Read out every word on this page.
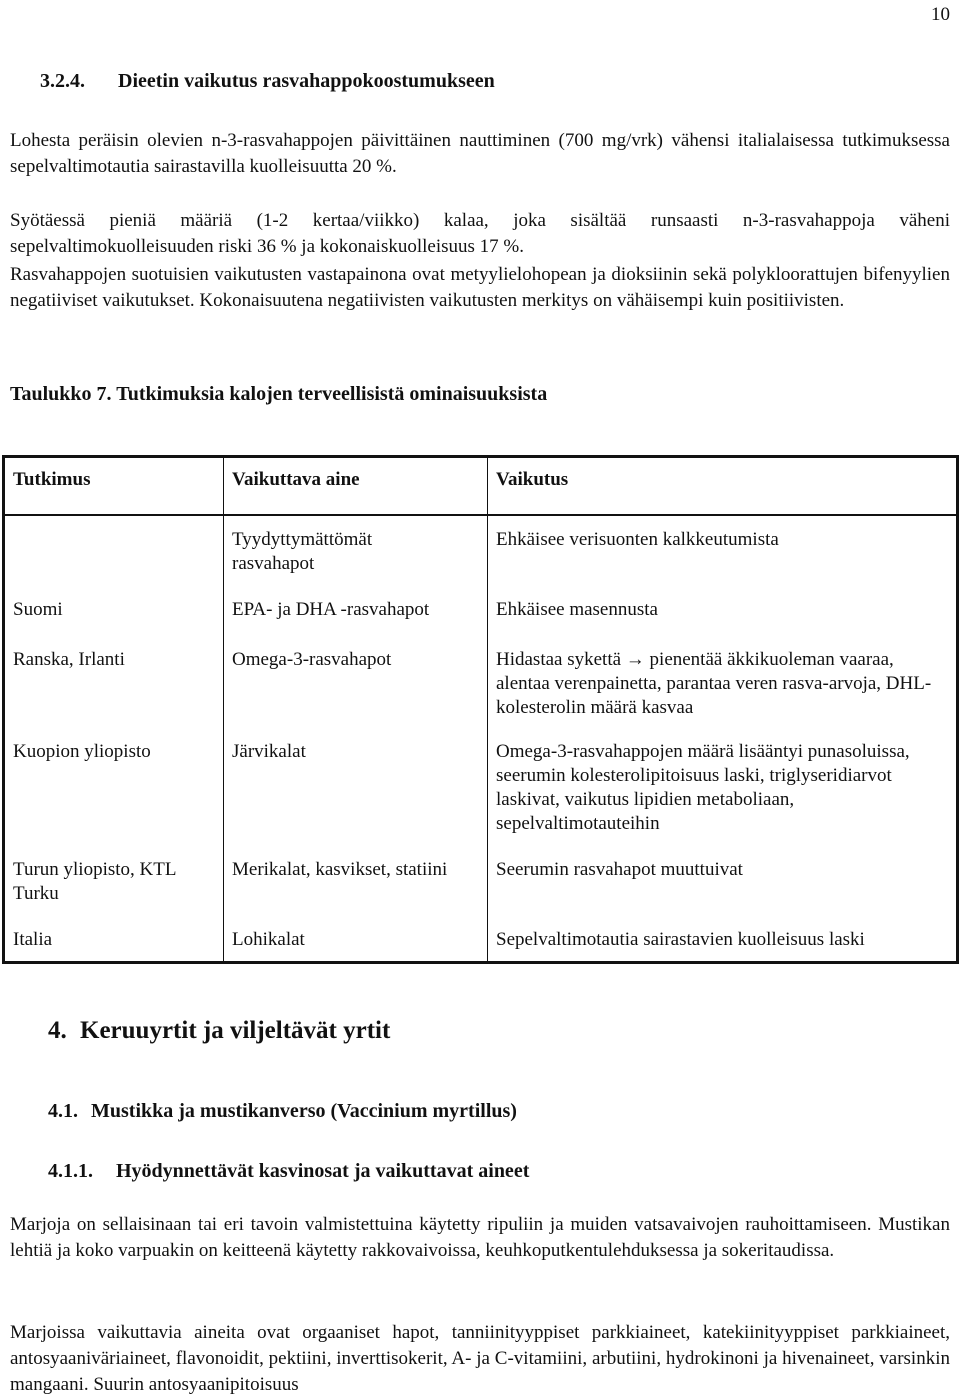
10
3.2.4. Dieetin vaikutus rasvahappokoostumukseen

Lohesta peräisin olevien n-3-rasvahappojen päivittäinen nauttiminen (700 mg/vrk) vähensi italialaisessa tutkimuksessa sepelvaltimotautia sairastavilla kuolleisuutta 20 %.

Syötäessä pieniä määriä (1-2 kertaa/viikko) kalaa, joka sisältää runsaasti n-3-rasvahappoja väheni sepelvaltimokuolleisuuden riski 36 % ja kokonaiskuolleisuus 17 %.

Rasvahappojen suotuisien vaikutusten vastapainona ovat metyylielohopean ja dioksiinin sekä polykloorattujen bifenyylien negatiiviset vaikutukset. Kokonaisuutena negatiivisten vaikutusten merkitys on vähäisempi kuin positiivisten.

Taulukko 7. Tutkimuksia kalojen terveellisistä ominaisuuksista
Tutkimus	Vaikuttava aine	Vaikutus

	Tyydyttymättömät rasvahapot	Ehkäisee verisuonten kalkkeutumista
Suomi	EPA- ja DHA -rasvahapot	Ehkäisee masennusta
Ranska, Irlanti	Omega-3-rasvahapot	Hidastaa sykettä → pienentää äkkikuoleman vaaraa, alentaa verenpainetta, parantaa veren rasva-arvoja, DHL-kolesterolin määrä kasvaa

Kuopion yliopisto	Järvikalat	Omega-3-rasvahappojen määrä lisääntyi punasoluissa, seerumin kolesterolipitoisuus laski, triglyseridiarvot laskivat, vaikutus lipidien metaboliaan, sepelvaltimotauteihin

Turun yliopisto, KTL Turku	Merikalat, kasvikset, statiini	Seerumin rasvahapot muuttuivat
Italia	Lohikalat	Sepelvaltimotautia sairastavien kuolleisuus laski
4. Keruuyrtit ja viljeltävät yrtit
4.1. Mustikka ja mustikanverso (Vaccinium myrtillus)
4.1.1. Hyödynnettävät kasvinosat ja vaikuttavat aineet

Marjoja on sellaisinaan tai eri tavoin valmistettuina käytetty ripuliin ja muiden vatsavaivojen rauhoittamiseen. Mustikan lehtiä ja koko varpuakin on keitteenä käytetty rakkovaivoissa, keuhkoputkentulehduksessa ja sokeritaudissa.

Marjoissa vaikuttavia aineita ovat orgaaniset hapot, tanniinityyppiset parkkiaineet, katekiinityyppiset parkkiaineet, antosyaaniväriaineet, flavonoidit, pektiini, inverttisokerit, A- ja C-vitamiini, arbutiini, hydrokinoni ja hivenaineet, varsinkin mangaani. Suurin antosyaanipitoisuus
